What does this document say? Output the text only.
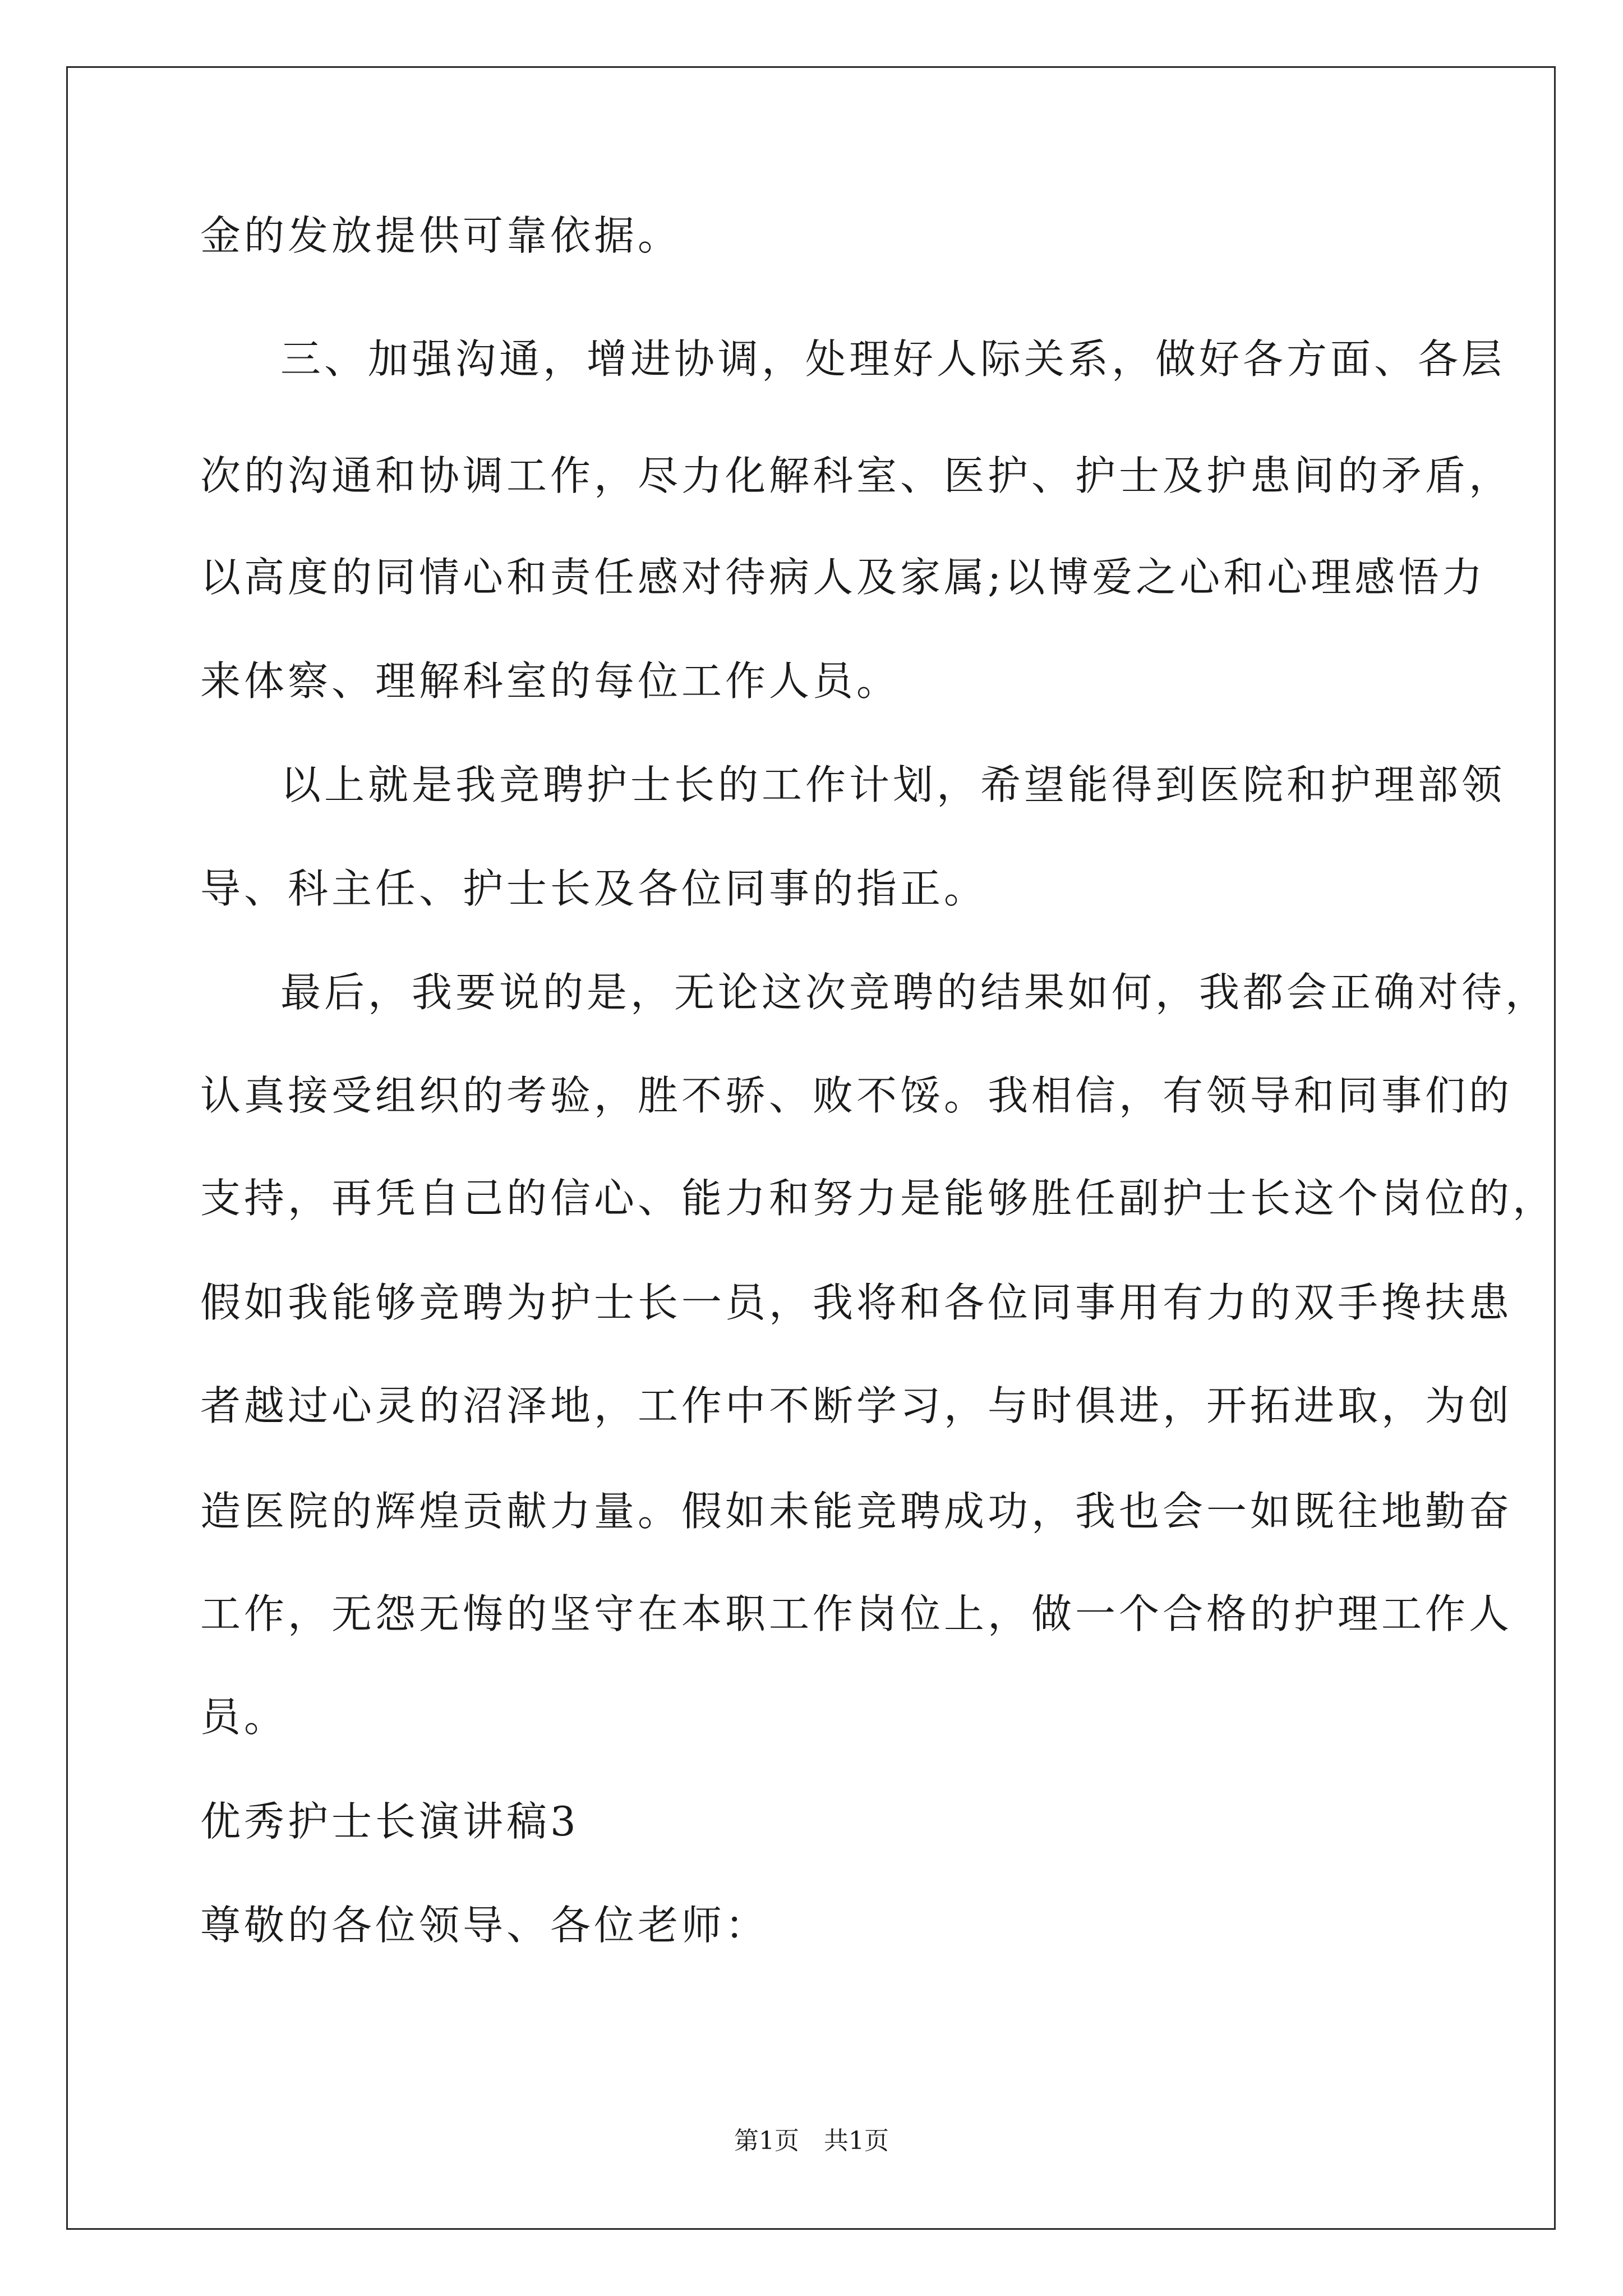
金的发放提供可靠依据。
三、加强沟通，增进协调，处理好人际关系，做好各方面、各层
次的沟通和协调工作，尽力化解科室、医护、护士及护患间的矛盾，
以高度的同情心和责任感对待病人及家属;以博爱之心和心理感悟力
来体察、理解科室的每位工作人员。
以上就是我竞聘护士长的工作计划，希望能得到医院和护理部领
导、科主任、护士长及各位同事的指正。
最后，我要说的是，无论这次竞聘的结果如何，我都会正确对待，
认真接受组织的考验，胜不骄、败不馁。我相信，有领导和同事们的
支持，再凭自己的信心、能力和努力是能够胜任副护士长这个岗位的，
假如我能够竞聘为护士长一员，我将和各位同事用有力的双手搀扶患
者越过心灵的沼泽地，工作中不断学习，与时俱进，开拓进取，为创
造医院的辉煌贡献力量。假如未能竞聘成功，我也会一如既往地勤奋
工作，无怨无悔的坚守在本职工作岗位上，做一个合格的护理工作人
员。
优秀护士长演讲稿3
尊敬的各位领导、各位老师：
第1页　共1页
